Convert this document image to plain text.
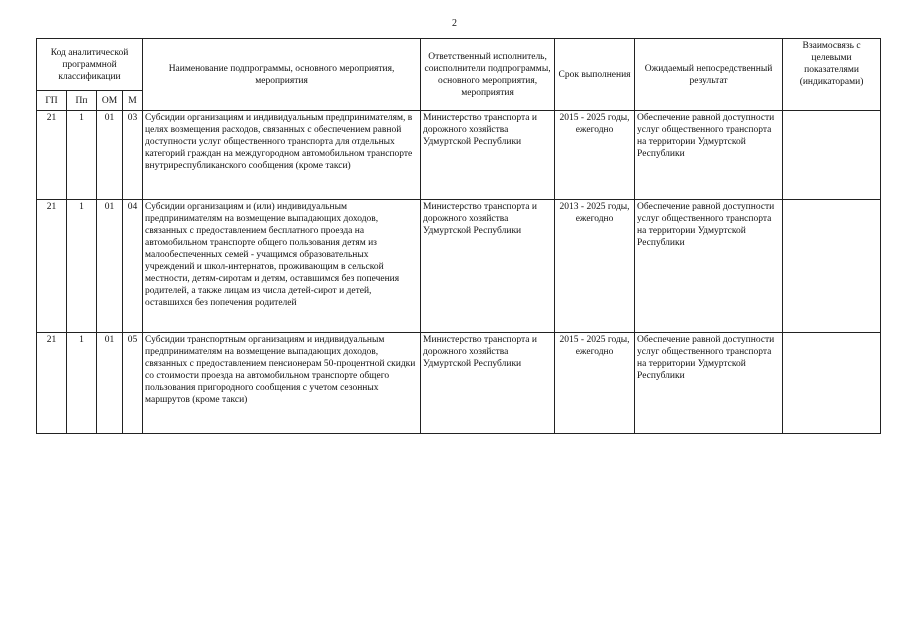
2
Код аналитической программной классификации				Наименование подпрограммы, основного мероприятия, мероприятия	Ответственный исполнитель, соисполнители подпрограммы, основного мероприятия, мероприятия	Срок выполнения	Ожидаемый непосредственный результат	Взаимосвязь с целевыми показателями (индикаторами)
ГП	Пп	ОМ	М					
21	1	01	03	Субсидии организациям и индивидуальным предпринимателям, в целях возмещения расходов, связанных с обеспечением равной доступности услуг общественного транспорта для отдельных категорий граждан на междугородном автомобильном транспорте внутриреспубликанского сообщения (кроме такси)	Министерство транспорта и дорожного хозяйства Удмуртской Республики	2015 - 2025 годы, ежегодно	Обеспечение равной доступности услуг общественного транспорта на территории Удмуртской Республики	
21	1	01	04	Субсидии организациям и (или) индивидуальным предпринимателям на возмещение выпадающих доходов, связанных с предоставлением бесплатного проезда на автомобильном транспорте общего пользования детям из малообеспеченных семей - учащимся образовательных учреждений и школ-интернатов, проживающим в сельской местности, детям-сиротам и детям, оставшимся без попечения родителей, а также лицам из числа детей-сирот и детей, оставшихся без попечения родителей	Министерство транспорта и дорожного хозяйства Удмуртской Республики	2013 - 2025 годы, ежегодно	Обеспечение равной доступности услуг общественного транспорта на территории Удмуртской Республики	
21	1	01	05	Субсидии транспортным организациям и индивидуальным предпринимателям на возмещение выпадающих доходов, связанных с предоставлением пенсионерам 50-процентной скидки со стоимости проезда на автомобильном транспорте общего пользования пригородного сообщения с учетом сезонных маршрутов (кроме такси)	Министерство транспорта и дорожного хозяйства Удмуртской Республики	2015 - 2025 годы, ежегодно	Обеспечение равной доступности услуг общественного транспорта на территории Удмуртской Республики	
